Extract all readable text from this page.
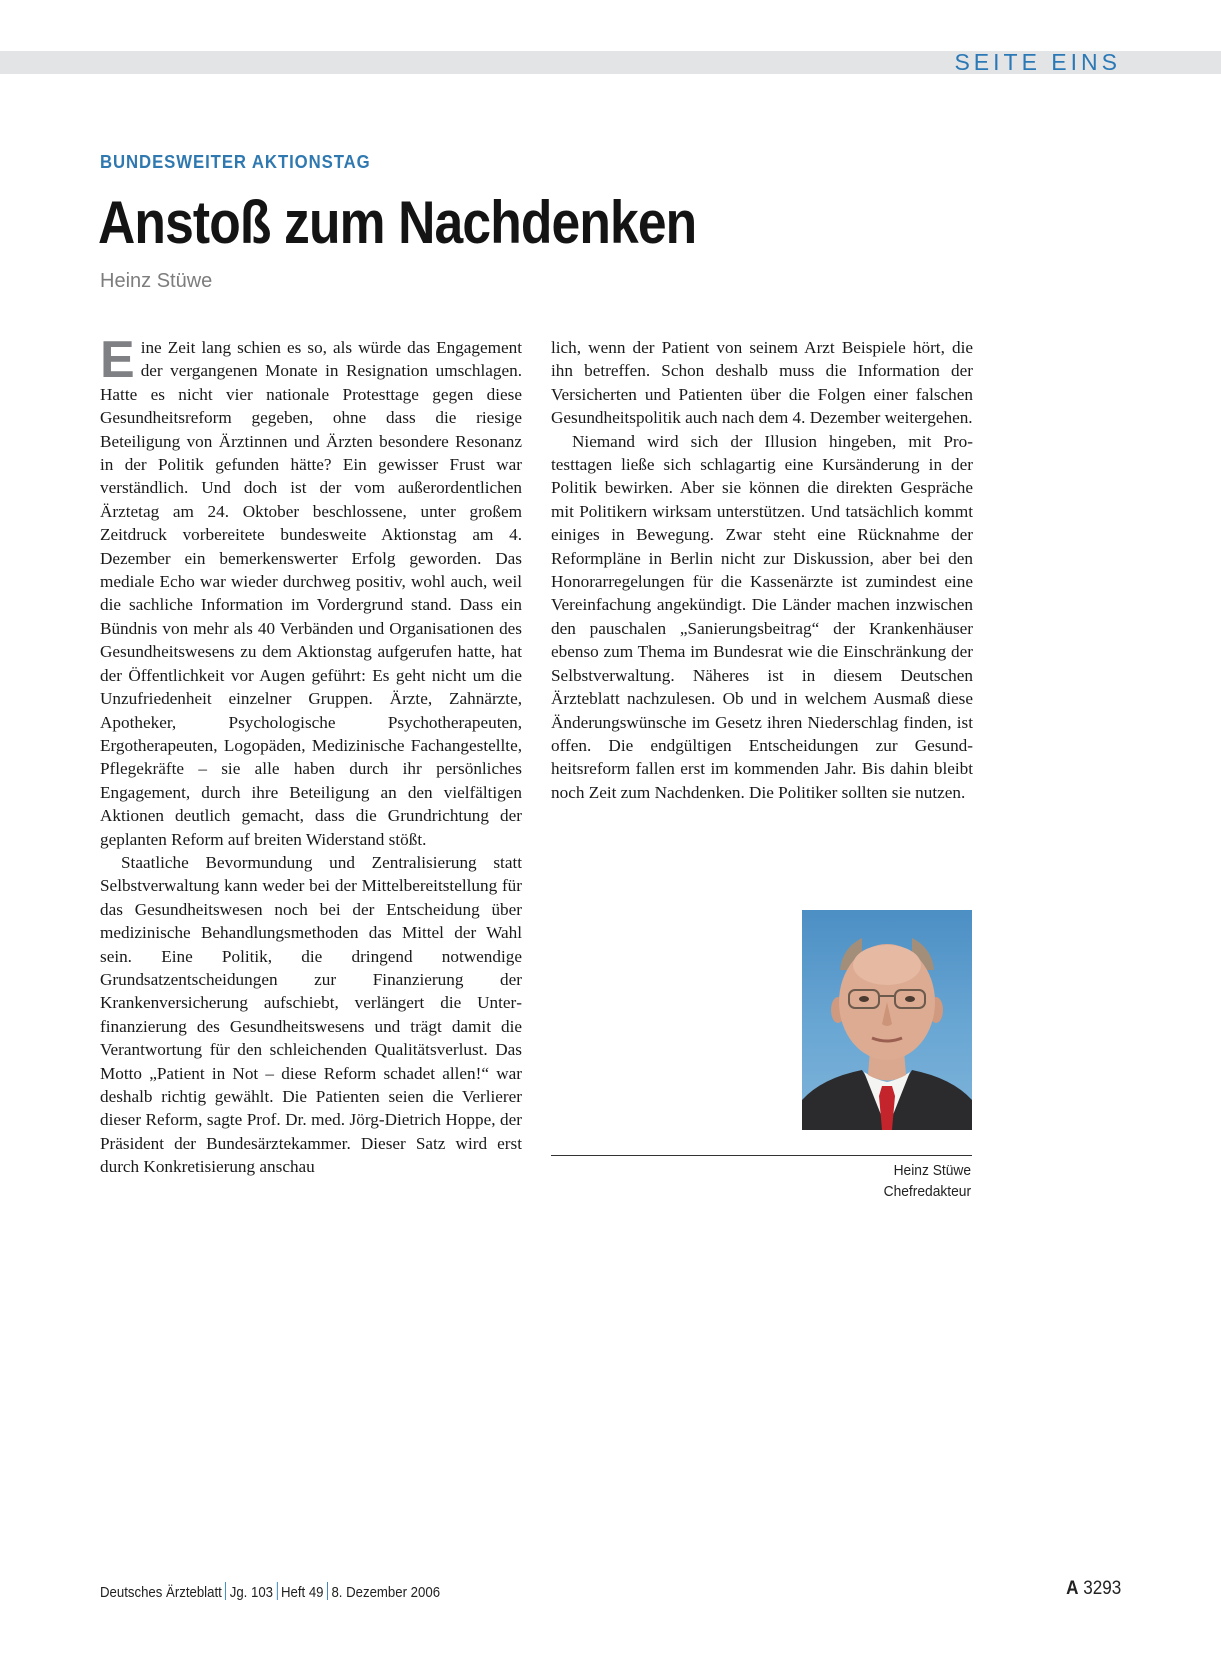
SEITE EINS
BUNDESWEITER AKTIONSTAG
Anstoß zum Nachdenken
Heinz Stüwe
E ine Zeit lang schien es so, als würde das Engagement der vergangenen Monate in Resignation umschlagen. Hatte es nicht vier nationale Protesttage gegen diese Gesundheitsreform gegeben, ohne dass die riesige Beteiligung von Ärztinnen und Ärzten besondere Resonanz in der Politik gefunden hätte? Ein gewisser Frust war verständlich. Und doch ist der vom außerordentlichen Ärztetag am 24. Oktober beschlossene, unter großem Zeitdruck vorbereitete bundesweite Aktionstag am 4. Dezember ein bemerkenswerter Erfolg geworden. Das mediale Echo war wieder durchweg positiv, wohl auch, weil die sachliche Information im Vordergrund stand. Dass ein Bündnis von mehr als 40 Verbänden und Organisationen des Gesundheitswesens zu dem Aktionstag aufgerufen hatte, hat der Öffentlichkeit vor Augen geführt: Es geht nicht um die Unzufriedenheit einzelner Gruppen. Ärzte, Zahnärzte, Apotheker, Psychologische Psychotherapeuten, Ergotherapeuten, Logopäden, Medizinische Fachangestellte, Pflegekräfte – sie alle haben durch ihr persönliches Engagement, durch ihre Beteiligung an den vielfältigen Aktionen deutlich gemacht, dass die Grundrichtung der geplanten Reform auf breiten Widerstand stößt.

Staatliche Bevormundung und Zentralisierung statt Selbstverwaltung kann weder bei der Mittelbereitstellung für das Gesundheitswesen noch bei der Entscheidung über medizinische Behandlungsmethoden das Mittel der Wahl sein. Eine Politik, die dringend notwendige Grundsatzentscheidungen zur Finanzierung der Krankenversicherung aufschiebt, verlängert die Unterfinanzierung des Gesundheitswesens und trägt damit die Verantwortung für den schleichenden Qualitätsverlust. Das Motto „Patient in Not – diese Reform schadet allen!“ war deshalb richtig gewählt. Die Patienten seien die Verlierer dieser Reform, sagte Prof. Dr. med. Jörg-Dietrich Hoppe, der Präsident der Bundesärztekammer. Dieser Satz wird erst durch Konkretisierung anschau

lich, wenn der Patient von seinem Arzt Beispiele hört, die ihn betreffen. Schon deshalb muss die Information der Versicherten und Patienten über die Folgen einer falschen Gesundheitspolitik auch nach dem 4. Dezember weitergehen.

Niemand wird sich der Illusion hingeben, mit Protesttagen ließe sich schlagartig eine Kursänderung in der Politik bewirken. Aber sie können die direkten Gespräche mit Politikern wirksam unterstützen. Und tatsächlich kommt einiges in Bewegung. Zwar steht eine Rücknahme der Reformpläne in Berlin nicht zur Diskussion, aber bei den Honorarregelungen für die Kassenärzte ist zumindest eine Vereinfachung angekündigt. Die Länder machen inzwischen den pauschalen „Sanierungsbeitrag“ der Krankenhäuser ebenso zum Thema im Bundesrat wie die Einschränkung der Selbstverwaltung. Näheres ist in diesem Deutschen Ärzteblatt nachzulesen. Ob und in welchem Ausmaß diese Änderungswünsche im Gesetz ihren Niederschlag finden, ist offen. Die endgültigen Entscheidungen zur Gesundheitsreform fallen erst im kommenden Jahr. Bis dahin bleibt noch Zeit zum Nachdenken. Die Politiker sollten sie nutzen.

Heinz Stüwe
Chefredakteur
Deutsches Ärzteblatt Jg. 103 Heft 49 8. Dezember 2006	A 3293
